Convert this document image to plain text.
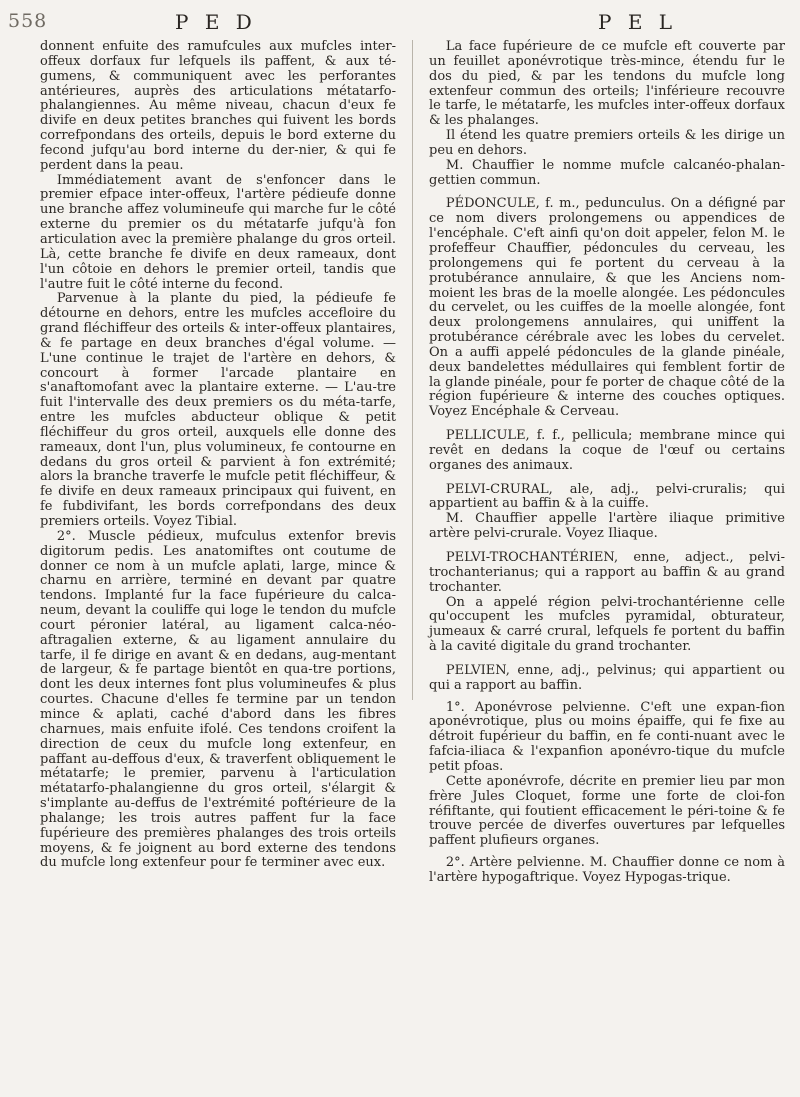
558	P E D	P E L

donnent enfuite des ramufcules aux mufcles inter-offeux dorfaux fur lefquels ils paffent, & aux té-gumens, & communiquent avec les perforantes antérieures, auprès des articulations métatarfo-phalangiennes. Au même niveau, chacun d'eux fe divife en deux petites branches qui fuivent les bords correfpondans des orteils, depuis le bord externe du fecond jufqu'au bord interne du der-nier, & qui fe perdent dans la peau.

Immédiatement avant de s'enfoncer dans le premier efpace inter-offeux, l'artère pédieufe donne une branche affez volumineufe qui marche fur le côté externe du premier os du métatarfe jufqu'à fon articulation avec la première phalange du gros orteil. Là, cette branche fe divife en deux rameaux, dont l'un côtoie en dehors le premier orteil, tandis que l'autre fuit le côté interne du fecond.

Parvenue à la plante du pied, la pédieufe fe détourne en dehors, entre les mufcles accefloire du grand fléchiffeur des orteils & inter-offeux plantaires, & fe partage en deux branches d'égal volume. — L'une continue le trajet de l'artère en dehors, & concourt à former l'arcade plantaire en s'anaftomofant avec la plantaire externe. — L'au-tre fuit l'intervalle des deux premiers os du méta-tarfe, entre les mufcles abducteur oblique & petit fléchiffeur du gros orteil, auxquels elle donne des rameaux, dont l'un, plus volumineux, fe contourne en dedans du gros orteil & parvient à fon extrémité; alors la branche traverfe le mufcle petit fléchiffeur, & fe divife en deux rameaux principaux qui fuivent, en fe fubdivifant, les bords correfpondans des deux premiers orteils. Voyez Tibial.

2°. Muscle pédieux, mufculus extenfor brevis digitorum pedis. Les anatomiftes ont coutume de donner ce nom à un mufcle aplati, large, mince & charnu en arrière, terminé en devant par quatre tendons. Implanté fur la face fupérieure du calca-neum, devant la couliffe qui loge le tendon du mufcle court péronier latéral, au ligament calca-néo-aftragalien externe, & au ligament annulaire du tarfe, il fe dirige en avant & en dedans, aug-mentant de largeur, & fe partage bientôt en qua-tre portions, dont les deux internes font plus volumineufes & plus courtes. Chacune d'elles fe termine par un tendon mince & aplati, caché d'abord dans les fibres charnues, mais enfuite ifolé. Ces tendons croifent la direction de ceux du mufcle long extenfeur, en paffant au-deffous d'eux, & traverfent obliquement le métatarfe; le premier, parvenu à l'articulation métatarfo-phalangienne du gros orteil, s'élargit & s'implante au-deffus de l'extrémité poftérieure de la phalange; les trois autres paffent fur la face fupérieure des premières phalanges des trois orteils moyens, & fe joignent au bord externe des tendons du mufcle long extenfeur pour fe terminer avec eux.

La face fupérieure de ce mufcle eft couverte par un feuillet aponévrotique très-mince, étendu fur le dos du pied, & par les tendons du mufcle long extenfeur commun des orteils; l'inférieure recouvre le tarfe, le métatarfe, les mufcles inter-offeux dorfaux & les phalanges.

Il étend les quatre premiers orteils & les dirige un peu en dehors.

M. Chauffier le nomme mufcle calcanéo-phalan-gettien commun.

PÉDONCULE, f. m., pedunculus. On a défigné par ce nom divers prolongemens ou appendices de l'encéphale. C'eft ainfi qu'on doit appeler, felon M. le profeffeur Chauffier, pédoncules du cerveau, les prolongemens qui fe portent du cerveau à la protubérance annulaire, & que les Anciens nom-moient les bras de la moelle alongée. Les pédoncules du cervelet, ou les cuiffes de la moelle alongée, font deux prolongemens annulaires, qui uniffent la protubérance cérébrale avec les lobes du cervelet. On a auffi appelé pédoncules de la glande pinéale, deux bandelettes médullaires qui femblent fortir de la glande pinéale, pour fe porter de chaque côté de la région fupérieure & interne des couches optiques. Voyez Encéphale & Cerveau.

PELLICULE, f. f., pellicula; membrane mince qui revêt en dedans la coque de l'œuf ou certains organes des animaux.

PELVI-CRURAL, ale, adj., pelvi-cruralis; qui appartient au baffin & à la cuiffe.

M. Chauffier appelle l'artère iliaque primitive artère pelvi-crurale. Voyez Iliaque.

PELVI-TROCHANTÉRIEN, enne, adject., pelvi-trochanterianus; qui a rapport au baffin & au grand trochanter.

On a appelé région pelvi-trochantérienne celle qu'occupent les mufcles pyramidal, obturateur, jumeaux & carré crural, lefquels fe portent du baffin à la cavité digitale du grand trochanter.

PELVIEN, enne, adj., pelvinus; qui appartient ou qui a rapport au baffin.

1°. Aponévrose pelvienne. C'eft une expan-fion aponévrotique, plus ou moins épaiffe, qui fe fixe au détroit fupérieur du baffin, en fe conti-nuant avec le fafcia-iliaca & l'expanfion aponévro-tique du mufcle petit pfoas.

Cette aponévrofe, décrite en premier lieu par mon frère Jules Cloquet, forme une forte de cloi-fon réfiftante, qui foutient efficacement le péri-toine & fe trouve percée de diverfes ouvertures par lefquelles paffent plufieurs organes.

2°. Artère pelvienne. M. Chauffier donne ce nom à l'artère hypogaftrique. Voyez Hypogas-trique.
